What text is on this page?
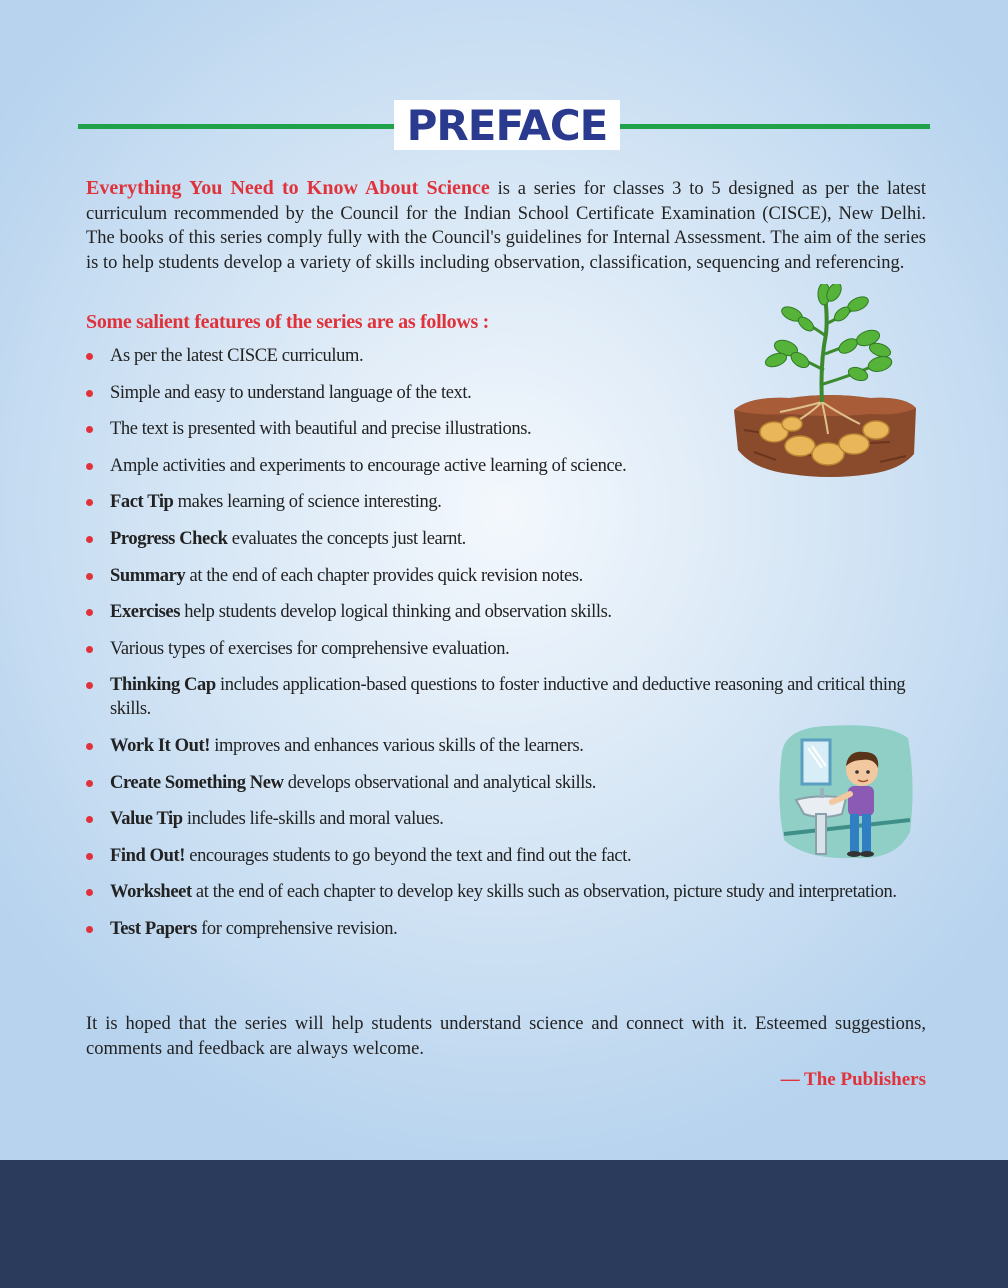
PREFACE

Everything You Need to Know About Science is a series for classes 3 to 5 designed as per the latest curriculum recommended by the Council for the Indian School Certificate Examination (CISCE), New Delhi. The books of this series comply fully with the Council's guidelines for Internal Assessment. The aim of the series is to help students develop a variety of skills including observation, classification, sequencing and referencing.

Some salient features of the series are as follows :
As per the latest CISCE curriculum.
Simple and easy to understand language of the text.
The text is presented with beautiful and precise illustrations.
Ample activities and experiments to encourage active learning of science.
Fact Tip makes learning of science interesting.
Progress Check evaluates the concepts just learnt.
Summary at the end of each chapter provides quick revision notes.
Exercises help students develop logical thinking and observation skills.
Various types of exercises for comprehensive evaluation.
Thinking Cap includes application-based questions to foster inductive and deductive reasoning and critical thing skills.
Work It Out! improves and enhances various skills of the learners.
Create Something New develops observational and analytical skills.
Value Tip includes life-skills and moral values.
Find Out! encourages students to go beyond the text and find out the fact.
Worksheet at the end of each chapter to develop key skills such as observation, picture study and interpretation.
Test Papers for comprehensive revision.

It is hoped that the series will help students understand science and connect with it. Esteemed suggestions, comments and feedback are always welcome.

— The Publishers
